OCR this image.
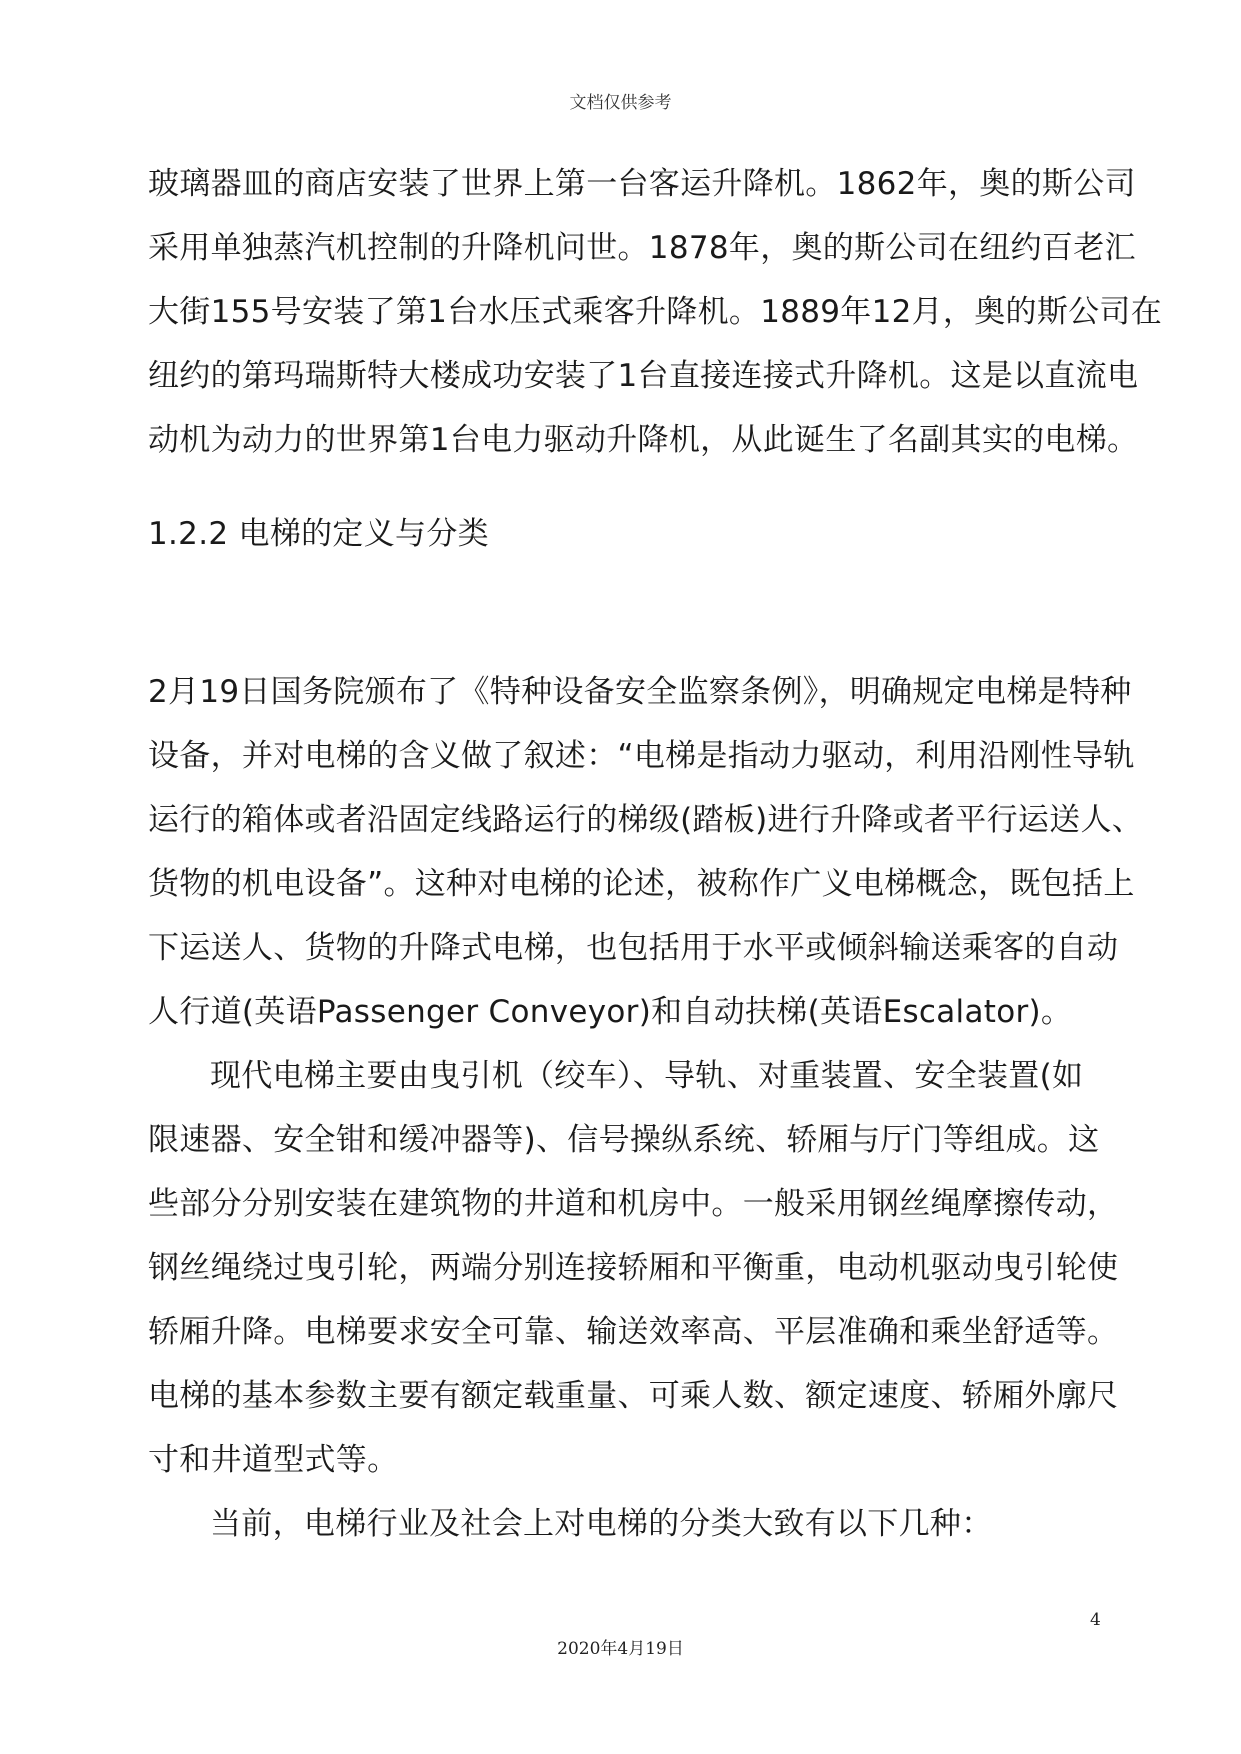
文档仅供参考
玻璃器皿的商店安装了世界上第一台客运升降机。1862年，奥的斯公司
采用单独蒸汽机控制的升降机问世。1878年，奥的斯公司在纽约百老汇
大街155号安装了第1台水压式乘客升降机。1889年12月，奥的斯公司在
纽约的第玛瑞斯特大楼成功安装了1台直接连接式升降机。这是以直流电
动机为动力的世界第1台电力驱动升降机，从此诞生了名副其实的电梯。
1.2.2 电梯的定义与分类
2月19日国务院颁布了《特种设备安全监察条例》，明确规定电梯是特种
设备，并对电梯的含义做了叙述：“电梯是指动力驱动，利用沿刚性导轨
运行的箱体或者沿固定线路运行的梯级(踏板)进行升降或者平行运送人、
货物的机电设备”。这种对电梯的论述，被称作广义电梯概念，既包括上
下运送人、货物的升降式电梯，也包括用于水平或倾斜输送乘客的自动
人行道(英语Passenger Conveyor)和自动扶梯(英语Escalator)。
现代电梯主要由曳引机（绞车）、导轨、对重装置、安全装置(如
限速器、安全钳和缓冲器等)、信号操纵系统、轿厢与厅门等组成。这
些部分分别安装在建筑物的井道和机房中。一般采用钢丝绳摩擦传动，
钢丝绳绕过曳引轮，两端分别连接轿厢和平衡重，电动机驱动曳引轮使
轿厢升降。电梯要求安全可靠、输送效率高、平层准确和乘坐舒适等。
电梯的基本参数主要有额定载重量、可乘人数、额定速度、轿厢外廓尺
寸和井道型式等。
当前，电梯行业及社会上对电梯的分类大致有以下几种：
4
2020年4月19日
